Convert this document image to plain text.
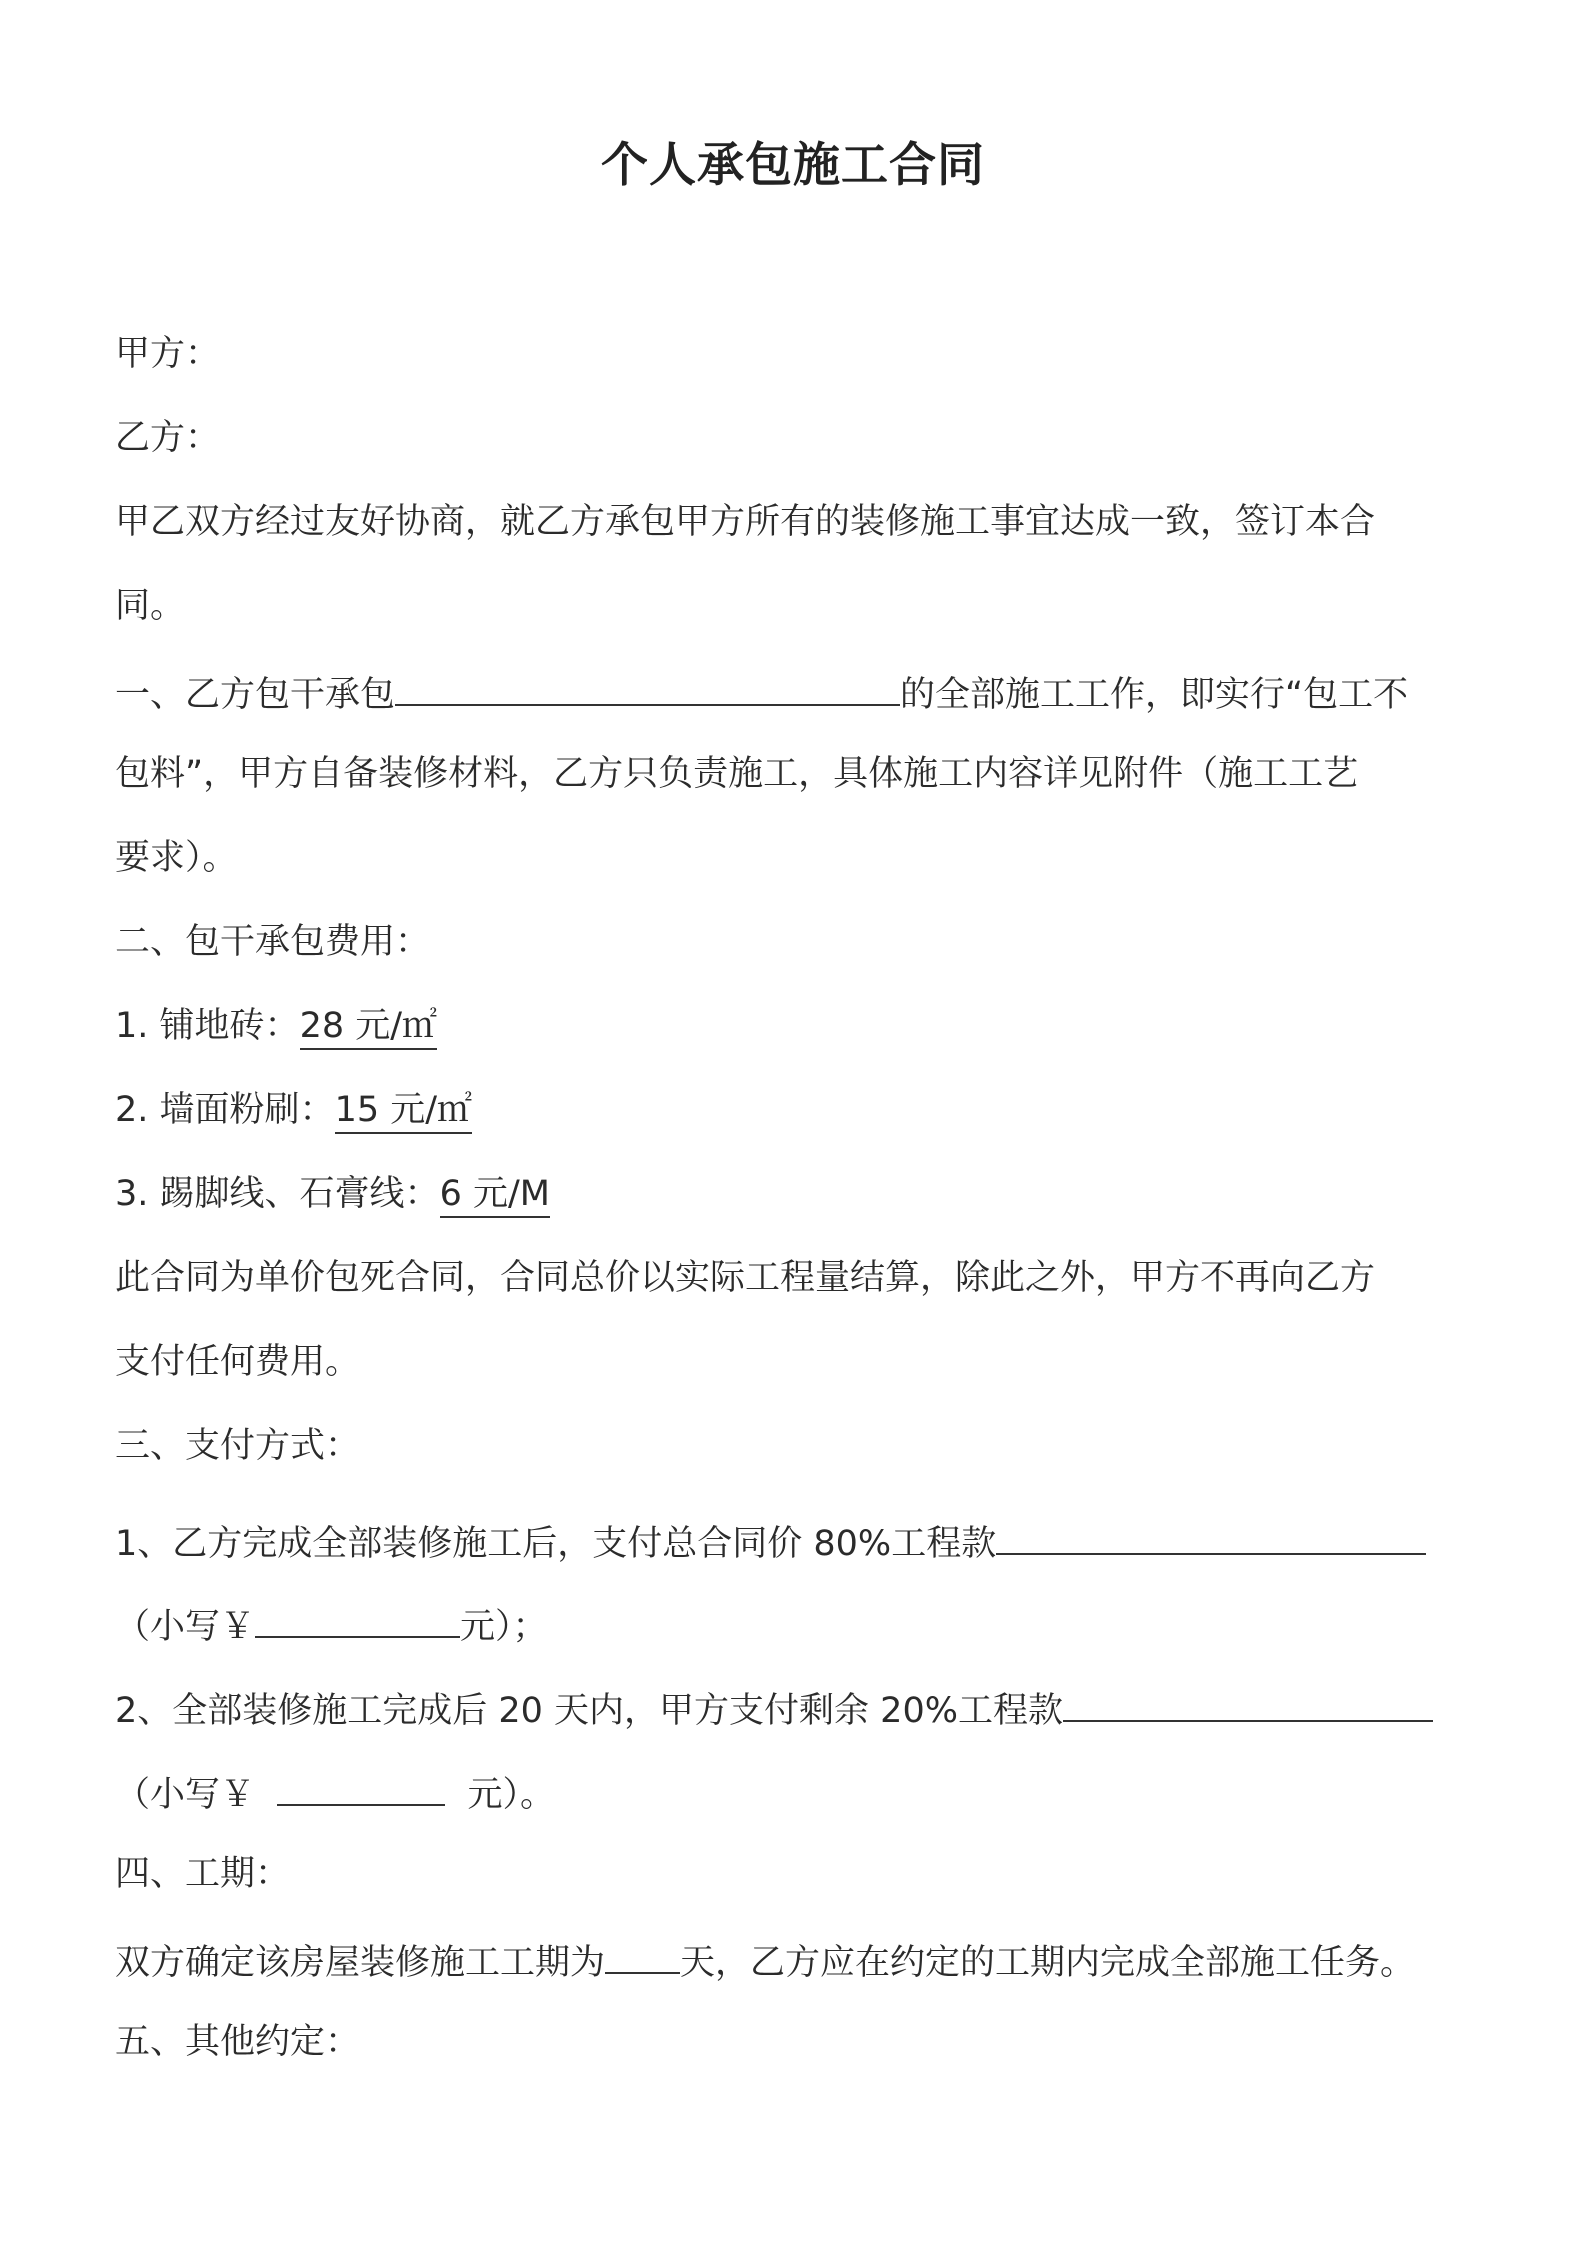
个人承包施工合同
甲方：
乙方：
甲乙双方经过友好协商，就乙方承包甲方所有的装修施工事宜达成一致，签订本合
同。
一、乙方包干承包	的全部施工工作，即实行“包工不
包料”，甲方自备装修材料，乙方只负责施工，具体施工内容详见附件（施工工艺
要求）。
二、包干承包费用：
1. 铺地砖：28 元/㎡
2. 墙面粉刷：15 元/㎡
3. 踢脚线、石膏线：6 元/M
此合同为单价包死合同，合同总价以实际工程量结算，除此之外，甲方不再向乙方
支付任何费用。
三、支付方式：
1、乙方完成全部装修施工后，支付总合同价 80%工程款
（小写￥	元）；
2、全部装修施工完成后 20 天内，甲方支付剩余 20%工程款
（小写￥	元）。
四、工期：
双方确定该房屋装修施工工期为 天，乙方应在约定的工期内完成全部施工任务。
五、其他约定：
